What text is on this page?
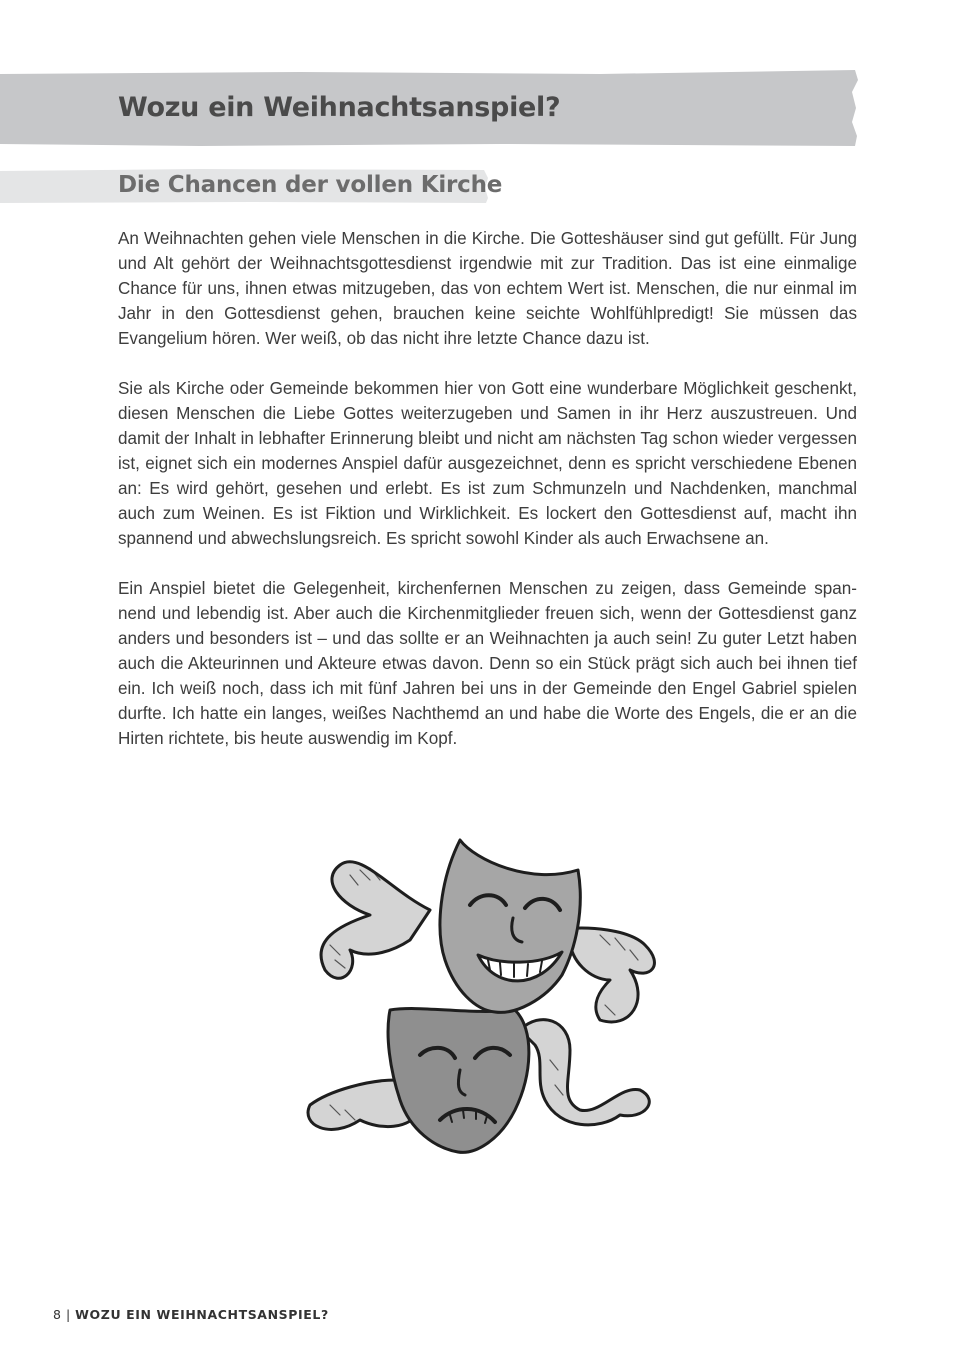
Wozu ein Weihnachtsanspiel?
Die Chancen der vollen Kirche

An Weihnachten gehen viele Menschen in die Kirche. Die Gotteshäuser sind gut gefüllt. Für Jung und Alt gehört der Weihnachtsgottesdienst irgendwie mit zur Tradition. Das ist eine einmalige Chance für uns, ihnen etwas mitzugeben, das von echtem Wert ist. Menschen, die nur einmal im Jahr in den Gottesdienst gehen, brauchen keine seichte Wohlfühlpredigt! Sie müssen das Evangelium hören. Wer weiß, ob das nicht ihre letzte Chance dazu ist.

Sie als Kirche oder Gemeinde bekommen hier von Gott eine wunderbare Möglichkeit geschenkt, diesen Menschen die Liebe Gottes weiterzugeben und Samen in ihr Herz auszustreuen. Und damit der Inhalt in lebhafter Erinnerung bleibt und nicht am nächsten Tag schon wieder vergessen ist, eignet sich ein modernes Anspiel dafür ausgezeichnet, denn es spricht verschiedene Ebenen an: Es wird gehört, gesehen und erlebt. Es ist zum Schmunzeln und Nachdenken, manchmal auch zum Weinen. Es ist Fiktion und Wirklichkeit. Es lockert den Gottesdienst auf, macht ihn spannend und abwechslungsreich. Es spricht sowohl Kinder als auch Erwachsene an.

Ein Anspiel bietet die Gelegenheit, kirchenfernen Menschen zu zeigen, dass Gemeinde spannend und lebendig ist. Aber auch die Kirchenmitglieder freuen sich, wenn der Gottesdienst ganz anders und besonders ist – und das sollte er an Weihnachten ja auch sein! Zu guter Letzt haben auch die Akteurinnen und Akteure etwas davon. Denn so ein Stück prägt sich auch bei ihnen tief ein. Ich weiß noch, dass ich mit fünf Jahren bei uns in der Gemeinde den Engel Gabriel spielen durfte. Ich hatte ein langes, weißes Nachthemd an und habe die Worte des Engels, die er an die Hirten richtete, bis heute auswendig im Kopf.

8 | WOZU EIN WEIHNACHTSANSPIEL?
